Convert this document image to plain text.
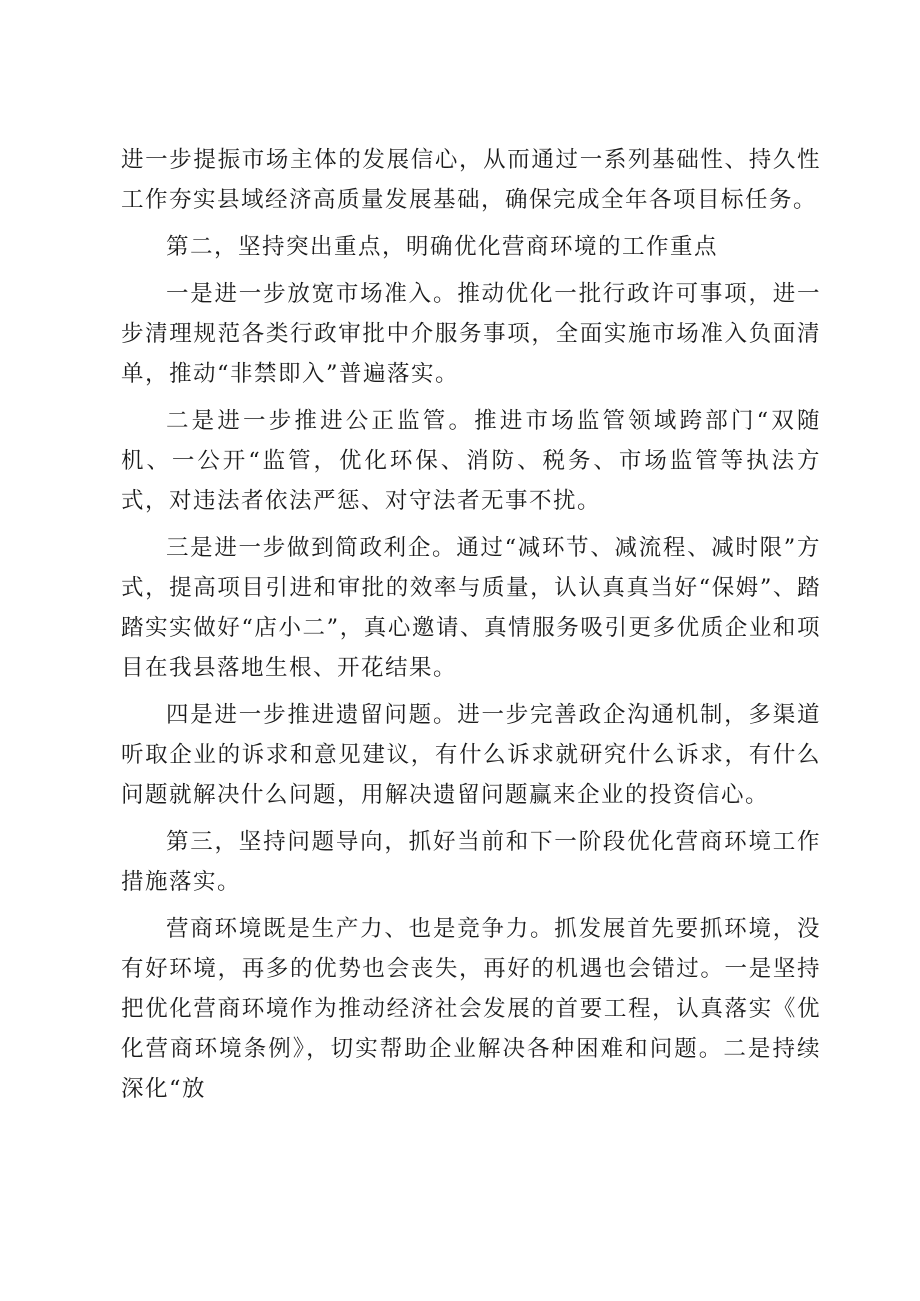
进一步提振市场主体的发展信心，从而通过一系列基础性、持久性工作夯实县域经济高质量发展基础，确保完成全年各项目标任务。

第二，坚持突出重点，明确优化营商环境的工作重点

一是进一步放宽市场准入。推动优化一批行政许可事项，进一步清理规范各类行政审批中介服务事项，全面实施市场准入负面清单，推动“非禁即入”普遍落实。

二是进一步推进公正监管。推进市场监管领域跨部门“双随机、一公开“监管，优化环保、消防、税务、市场监管等执法方式，对违法者依法严惩、对守法者无事不扰。

三是进一步做到简政利企。通过“减环节、减流程、减时限”方式，提高项目引进和审批的效率与质量，认认真真当好“保姆”、踏踏实实做好“店小二”，真心邀请、真情服务吸引更多优质企业和项目在我县落地生根、开花结果。

四是进一步推进遗留问题。进一步完善政企沟通机制，多渠道听取企业的诉求和意见建议，有什么诉求就研究什么诉求，有什么问题就解决什么问题，用解决遗留问题赢来企业的投资信心。

第三，坚持问题导向，抓好当前和下一阶段优化营商环境工作措施落实。

营商环境既是生产力、也是竞争力。抓发展首先要抓环境，没有好环境，再多的优势也会丧失，再好的机遇也会错过。一是坚持把优化营商环境作为推动经济社会发展的首要工程，认真落实《优化营商环境条例》，切实帮助企业解决各种困难和问题。二是持续深化“放
